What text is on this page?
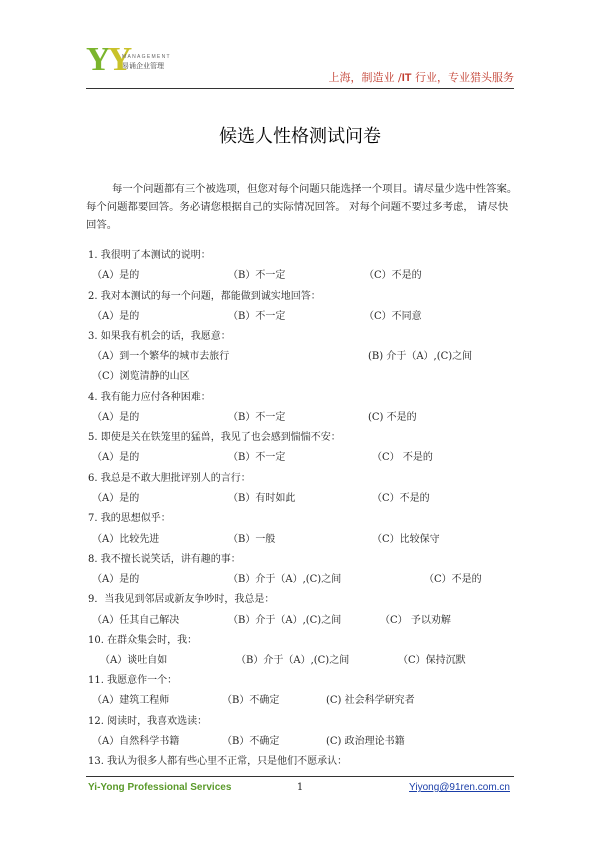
YY
MANAGEMENT
易诵企业管理
上海，制造业 /IT 行业，专业猎头服务
候选人性格测试问卷
每一个问题都有三个被选项，但您对每个问题只能选择一个项目。请尽量少选中性答案。每个问题都要回答。务必请您根据自己的实际情况回答。 对每个问题不要过多考虑， 请尽快回答。
1. 我很明了本测试的说明：
（A）是的	（B）不一定	（C）不是的
2. 我对本测试的每一个问题，都能做到诚实地回答：
（A）是的	（B）不一定	（C）不同意
3. 如果我有机会的话，我愿意：
（A）到一个繁华的城市去旅行	(B) 介于（A）,(C)之间
（C）浏览清静的山区
4. 我有能力应付各种困难：
（A）是的	（B）不一定	(C) 不是的
5. 即使是关在铁笼里的猛兽，我见了也会感到惴惴不安：
（A）是的	（B）不一定	（C） 不是的
6. 我总是不敢大胆批评别人的言行：
（A）是的	（B）有时如此	（C）不是的
7. 我的思想似乎：
（A）比较先进	（B）一般	（C）比较保守
8. 我不擅长说笑话，讲有趣的事：
（A）是的	（B）介于（A）,(C)之间	（C）不是的
9．当我见到邻居或新友争吵时，我总是：
（A）任其自己解决	（B）介于（A）,(C)之间	（C） 予以劝解
10. 在群众集会时，我：
（A）谈吐自如	（B）介于（A）,(C)之间	（C）保持沉默
11. 我愿意作一个：
（A）建筑工程师	（B）不确定	(C) 社会科学研究者
12. 阅读时，我喜欢选读：
（A）自然科学书籍	（B）不确定	(C) 政治理论书籍
13. 我认为很多人都有些心里不正常，只是他们不愿承认：
Yi-Yong Professional Services	1	Yiyong@91ren.com.cn
